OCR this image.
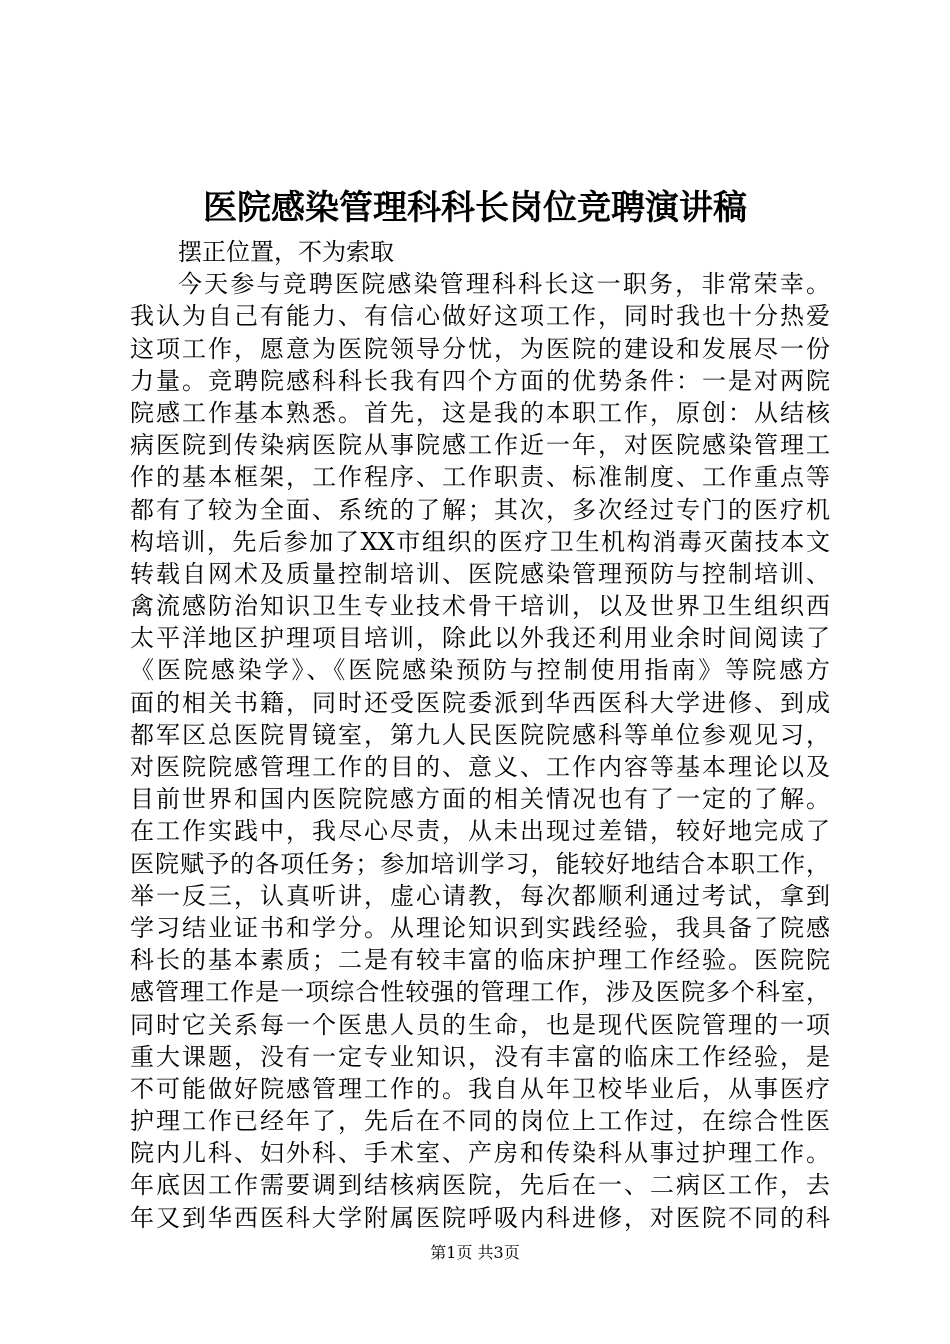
医院感染管理科科长岗位竞聘演讲稿
摆正位置，不为索取
今天参与竞聘医院感染管理科科长这一职务，非常荣幸。
我认为自己有能力、有信心做好这项工作，同时我也十分热爱
这项工作，愿意为医院领导分忧，为医院的建设和发展尽一份
力量。竞聘院感科科长我有四个方面的优势条件：一是对两院
院感工作基本熟悉。首先，这是我的本职工作，原创：从结核
病医院到传染病医院从事院感工作近一年，对医院感染管理工
作的基本框架，工作程序、工作职责、标准制度、工作重点等
都有了较为全面、系统的了解；其次，多次经过专门的医疗机
构培训，先后参加了XX市组织的医疗卫生机构消毒灭菌技本文
转载自网术及质量控制培训、医院感染管理预防与控制培训、
禽流感防治知识卫生专业技术骨干培训，以及世界卫生组织西
太平洋地区护理项目培训，除此以外我还利用业余时间阅读了
《医院感染学》、《医院感染预防与控制使用指南》等院感方
面的相关书籍，同时还受医院委派到华西医科大学进修、到成
都军区总医院胃镜室，第九人民医院院感科等单位参观见习，
对医院院感管理工作的目的、意义、工作内容等基本理论以及
目前世界和国内医院院感方面的相关情况也有了一定的了解。
在工作实践中，我尽心尽责，从未出现过差错，较好地完成了
医院赋予的各项任务；参加培训学习，能较好地结合本职工作，
举一反三，认真听讲，虚心请教，每次都顺利通过考试，拿到
学习结业证书和学分。从理论知识到实践经验，我具备了院感
科长的基本素质；二是有较丰富的临床护理工作经验。医院院
感管理工作是一项综合性较强的管理工作，涉及医院多个科室，
同时它关系每一个医患人员的生命，也是现代医院管理的一项
重大课题，没有一定专业知识，没有丰富的临床工作经验，是
不可能做好院感管理工作的。我自从年卫校毕业后，从事医疗
护理工作已经年了，先后在不同的岗位上工作过，在综合性医
院内儿科、妇外科、手术室、产房和传染科从事过护理工作。
年底因工作需要调到结核病医院，先后在一、二病区工作，去
年又到华西医科大学附属医院呼吸内科进修，对医院不同的科
第1页 共3页
